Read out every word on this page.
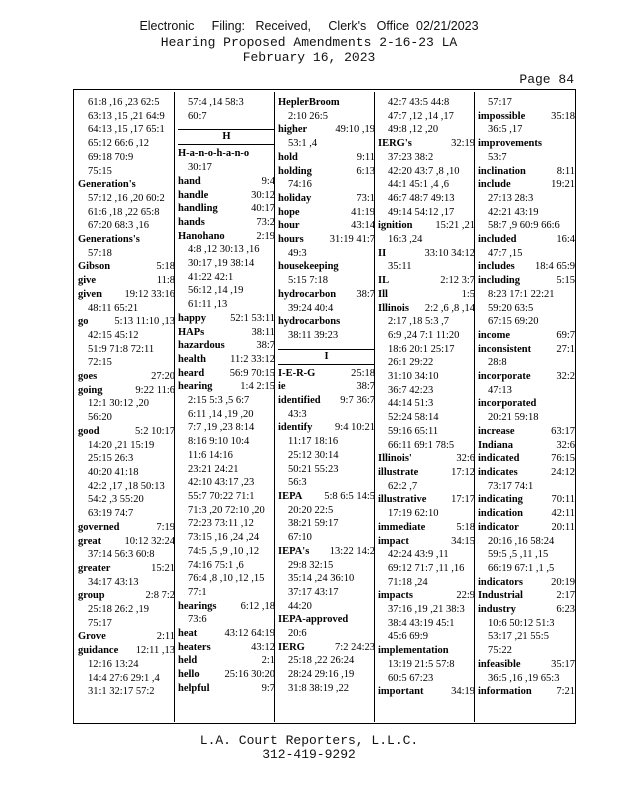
Electronic     Filing:   Received,     Clerk's   Office  02/21/2023
Hearing Proposed Amendments 2-16-23 LA
February 16, 2023
Page 84
61:8 ,16 ,23 62:5
63:13 ,15 ,21 64:9
64:13 ,15 ,17 65:1
65:12 66:6 ,12
69:18 70:9
75:15
Generation's
57:12 ,16 ,20 60:2
61:6 ,18 ,22 65:8
67:20 68:3 ,16
Generations's
57:18
Gibson	5:18
give	11:8
given 19:12 33:16
48:11 65:21
go 5:13 11:10 ,13
42:15 45:12
51:9 71:8 72:11
72:15
goes	27:20
going	9:22 11:6
12:1 30:12 ,20
56:20
good	5:2 10:17
14:20 ,21 15:19
25:15 26:3
40:20 41:18
42:2 ,17 ,18 50:13
54:2 ,3 55:20
63:19 74:7
governed	7:19
great 10:12 32:24
37:14 56:3 60:8
greater	15:21
34:17 43:13
group	2:8 7:2
25:18 26:2 ,19
75:17
Grove	2:11
guidance 12:11 ,13
12:16 13:24
14:4 27:6 29:1 ,4
31:1 32:17 57:2
57:4 ,14 58:3
60:7
H
H-a-n-o-h-a-n-o
30:17
hand	9:4
handle	30:12
handling	40:17
hands	73:2
Hanohano	2:19
4:8 ,12 30:13 ,16
30:17 ,19 38:14
41:22 42:1
56:12 ,14 ,19
61:11 ,13
happy 52:1 53:11
HAPs	38:11
hazardous	38:7
health 11:2 33:12
heard 56:9 70:15
hearing	1:4 2:15
2:15 5:3 ,5 6:7
6:11 ,14 ,19 ,20
7:7 ,19 ,23 8:14
8:16 9:10 10:4
11:6 14:16
23:21 24:21
42:10 43:17 ,23
55:7 70:22 71:1
71:3 ,20 72:10 ,20
72:23 73:11 ,12
73:15 ,16 ,24 ,24
74:5 ,5 ,9 ,10 ,12
74:16 75:1 ,6
76:4 ,8 ,10 ,12 ,15
77:1
hearings 6:12 ,18
73:6
heat	43:12 64:19
heaters	43:12
held	2:1
hello 25:16 30:20
helpful	9:7
HeplerBroom
2:10 26:5
higher	49:10 ,19
53:1 ,4
hold	9:11
holding	6:13
74:16
holiday	73:1
hope	41:19
hour	43:14
hours 31:19 41:7
49:3
housekeeping
5:15 7:18
hydrocarbon 38:7
39:24 40:4
hydrocarbons
38:11 39:23
I
I-E-R-G	25:18
ie	38:7
identified 9:7 36:7
43:3
identify 9:4 10:21
11:17 18:16
25:12 30:14
50:21 55:23
56:3
IEPA 5:8 6:5 14:5
20:20 22:5
38:21 59:17
67:10
IEPA's 13:22 14:2
29:8 32:15
35:14 ,24 36:10
37:17 43:17
44:20
IEPA-approved
20:6
IERG	7:2 24:23
25:18 ,22 26:24
28:24 29:16 ,19
31:8 38:19 ,22
42:7 43:5 44:8
47:7 ,12 ,14 ,17
49:8 ,12 ,20
IERG's	32:19
37:23 38:2
42:20 43:7 ,8 ,10
44:1 45:1 ,4 ,6
46:7 48:7 49:13
49:14 54:12 ,17
ignition 15:21 ,21
16:3 ,24
II	33:10 34:12
35:11
IL	2:12 3:7
Ill	1:5
Illinois 2:2 ,6 ,8 ,14
2:17 ,18 5:3 ,7
6:9 ,24 7:1 11:20
18:6 20:1 25:17
26:1 29:22
31:10 34:10
36:7 42:23
44:14 51:3
52:24 58:14
59:16 65:11
66:11 69:1 78:5
Illinois'	32:6
illustrate	17:12
62:2 ,7
illustrative 17:17
17:19 62:10
immediate	5:18
impact	34:15
42:24 43:9 ,11
69:12 71:7 ,11 ,16
71:18 ,24
impacts	22:9
37:16 ,19 ,21 38:3
38:4 43:19 45:1
45:6 69:9
implementation
13:19 21:5 57:8
60:5 67:23
important	34:19
57:17
impossible 35:18
36:5 ,17
improvements
53:7
inclination	8:11
include	19:21
27:13 28:3
42:21 43:19
58:7 ,9 60:9 66:6
included	16:4
47:7 ,15
includes 18:4 65:9
including	5:15
8:23 17:1 22:21
59:20 63:5
67:15 69:20
income	69:7
inconsistent 27:1
28:8
incorporate 32:2
47:13
incorporated
20:21 59:18
increase	63:17
Indiana	32:6
indicated	76:15
indicates	24:12
73:17 74:1
indicating	70:11
indication	42:11
indicator	20:11
20:16 ,16 58:24
59:5 ,5 ,11 ,15
66:19 67:1 ,1 ,5
indicators	20:19
Industrial	2:17
industry	6:23
10:6 50:12 51:3
53:17 ,21 55:5
75:22
infeasible	35:17
36:5 ,16 ,19 65:3
information 7:21
L.A. Court Reporters, L.L.C.
312-419-9292
